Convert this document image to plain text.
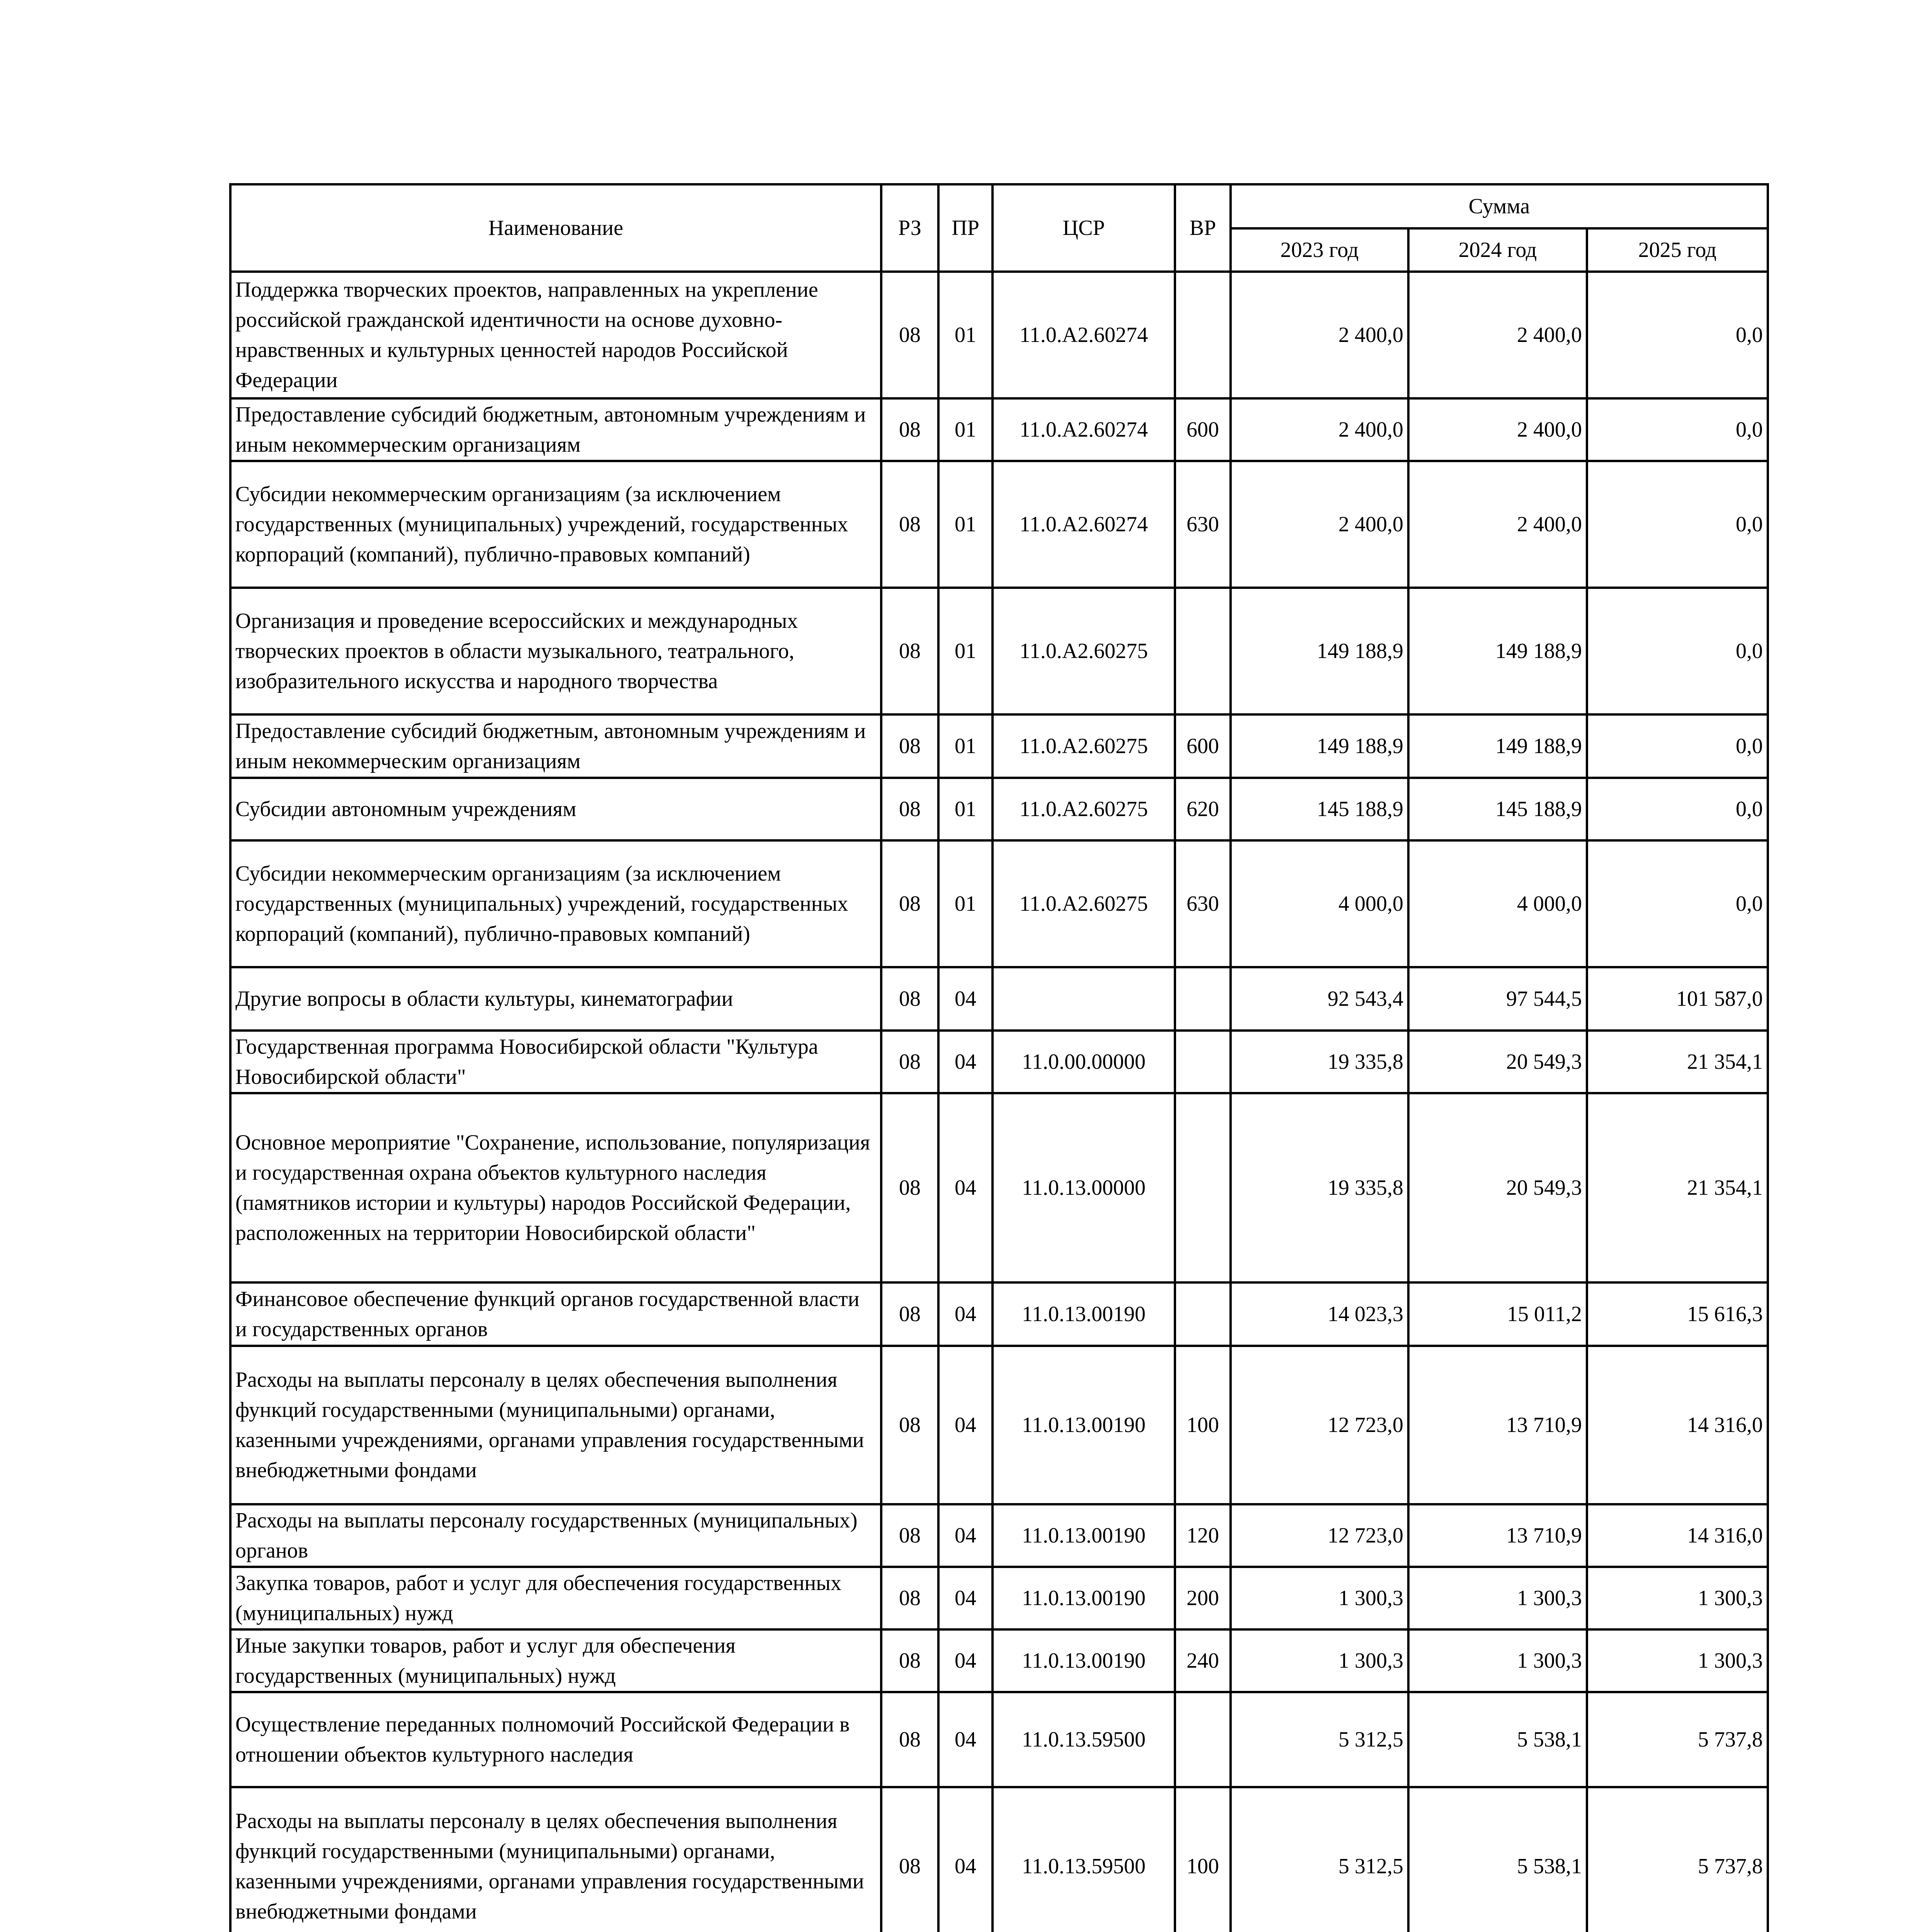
Наименование	РЗ	ПР	ЦСР	ВР	Сумма		
					2023 год	2024 год	2025 год
Поддержка творческих проектов, направленных на укрепление российской гражданской идентичности на основе духовно-нравственных и культурных ценностей народов Российской Федерации	08	01	11.0.А2.60274		2 400,0	2 400,0	0,0
Предоставление субсидий бюджетным, автономным учреждениям и иным некоммерческим организациям	08	01	11.0.А2.60274	600	2 400,0	2 400,0	0,0
Субсидии некоммерческим организациям (за исключением государственных (муниципальных) учреждений, государственных корпораций (компаний), публично-правовых компаний)	08	01	11.0.А2.60274	630	2 400,0	2 400,0	0,0
Организация и проведение всероссийских и международных творческих проектов в области музыкального, театрального, изобразительного искусства и народного творчества	08	01	11.0.А2.60275		149 188,9	149 188,9	0,0
Предоставление субсидий бюджетным, автономным учреждениям и иным некоммерческим организациям	08	01	11.0.А2.60275	600	149 188,9	149 188,9	0,0
Субсидии автономным учреждениям	08	01	11.0.А2.60275	620	145 188,9	145 188,9	0,0
Субсидии некоммерческим организациям (за исключением государственных (муниципальных) учреждений, государственных корпораций (компаний), публично-правовых компаний)	08	01	11.0.А2.60275	630	4 000,0	4 000,0	0,0
Другие вопросы в области культуры, кинематографии	08	04			92 543,4	97 544,5	101 587,0
Государственная программа Новосибирской области "Культура Новосибирской области"	08	04	11.0.00.00000		19 335,8	20 549,3	21 354,1
Основное мероприятие "Сохранение, использование, популяризация и государственная охрана объектов культурного наследия (памятников истории и культуры) народов Российской Федерации, расположенных на территории Новосибирской области"	08	04	11.0.13.00000		19 335,8	20 549,3	21 354,1
Финансовое обеспечение функций органов государственной власти и государственных органов	08	04	11.0.13.00190		14 023,3	15 011,2	15 616,3
Расходы на выплаты персоналу в целях обеспечения выполнения функций государственными (муниципальными) органами, казенными учреждениями, органами управления государственными внебюджетными фондами	08	04	11.0.13.00190	100	12 723,0	13 710,9	14 316,0
Расходы на выплаты персоналу государственных (муниципальных) органов	08	04	11.0.13.00190	120	12 723,0	13 710,9	14 316,0
Закупка товаров, работ и услуг для обеспечения государственных (муниципальных) нужд	08	04	11.0.13.00190	200	1 300,3	1 300,3	1 300,3
Иные закупки товаров, работ и услуг для обеспечения государственных (муниципальных) нужд	08	04	11.0.13.00190	240	1 300,3	1 300,3	1 300,3
Осуществление переданных полномочий Российской Федерации в отношении объектов культурного наследия	08	04	11.0.13.59500		5 312,5	5 538,1	5 737,8
Расходы на выплаты персоналу в целях обеспечения выполнения функций государственными (муниципальными) органами, казенными учреждениями, органами управления государственными внебюджетными фондами	08	04	11.0.13.59500	100	5 312,5	5 538,1	5 737,8
